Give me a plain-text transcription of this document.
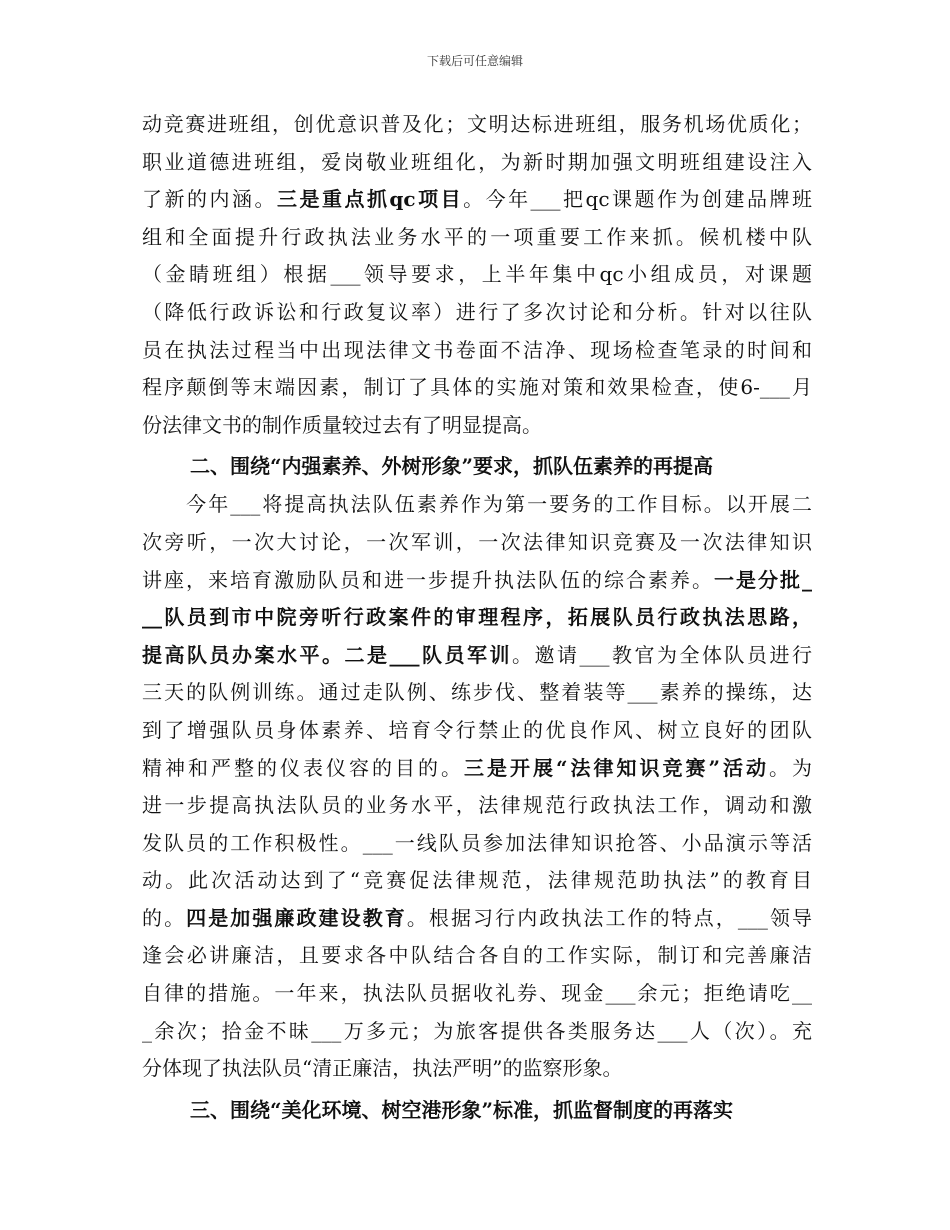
下载后可任意编辑
动竞赛进班组，创优意识普及化；文明达标进班组，服务机场优质化；
职业道德进班组，爱岗敬业班组化，为新时期加强文明班组建设注入
了新的内涵。三是重点抓qc项目。今年___把qc课题作为创建品牌班
组和全面提升行政执法业务水平的一项重要工作来抓。候机楼中队
（金睛班组）根据___领导要求，上半年集中qc小组成员，对课题
（降低行政诉讼和行政复议率）进行了多次讨论和分析。针对以往队
员在执法过程当中出现法律文书卷面不洁净、现场检查笔录的时间和
程序颠倒等末端因素，制订了具体的实施对策和效果检查，使6-___月
份法律文书的制作质量较过去有了明显提高。
二、围绕“内强素养、外树形象”要求，抓队伍素养的再提高
　　今年___将提高执法队伍素养作为第一要务的工作目标。以开展二
次旁听，一次大讨论，一次军训，一次法律知识竞赛及一次法律知识
讲座，来培育激励队员和进一步提升执法队伍的综合素养。一是分批_
__队员到市中院旁听行政案件的审理程序，拓展队员行政执法思路，
提高队员办案水平。二是___队员军训。邀请___教官为全体队员进行
三天的队例训练。通过走队例、练步伐、整着装等___素养的操练，达
到了增强队员身体素养、培育令行禁止的优良作风、树立良好的团队
精神和严整的仪表仪容的目的。三是开展“法律知识竞赛”活动。为
进一步提高执法队员的业务水平，法律规范行政执法工作，调动和激
发队员的工作积极性。___一线队员参加法律知识抢答、小品演示等活
动。此次活动达到了“竞赛促法律规范，法律规范助执法”的教育目
的。四是加强廉政建设教育。根据习行内政执法工作的特点，___领导
逢会必讲廉洁，且要求各中队结合各自的工作实际，制订和完善廉洁
自律的措施。一年来，执法队员据收礼券、现金___余元；拒绝请吃__
_余次；拾金不昧___万多元；为旅客提供各类服务达___人（次）。充
分体现了执法队员“清正廉洁，执法严明”的监察形象。
三、围绕“美化环境、树空港形象”标准，抓监督制度的再落实
